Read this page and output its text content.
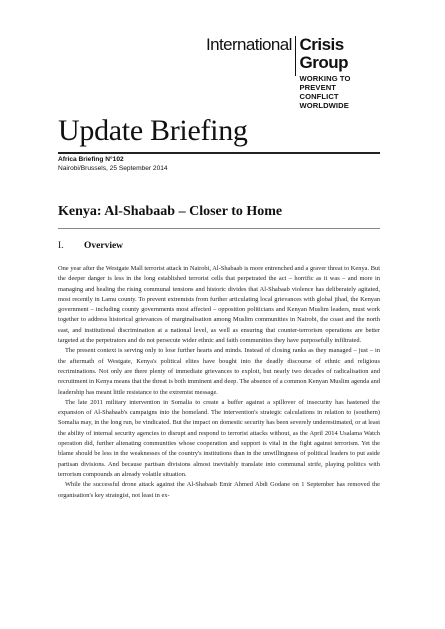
International Crisis Group
WORKING TO PREVENT
CONFLICT WORLDWIDE
Update Briefing
Africa Briefing N°102
Nairobi/Brussels, 25 September 2014
Kenya: Al-Shabaab – Closer to Home
I.	Overview

One year after the Westgate Mall terrorist attack in Nairobi, Al-Shabaab is more entrenched and a graver threat to Kenya. But the deeper danger is less in the long established terrorist cells that perpetrated the act – horrific as it was – and more in managing and healing the rising communal tensions and historic divides that Al-Shabaab violence has deliberately agitated, most recently in Lamu county. To prevent extremists from further articulating local grievances with global jihad, the Kenyan government – including county governments most affected – opposition politicians and Kenyan Muslim leaders, must work together to address historical grievances of marginalisation among Muslim communities in Nairobi, the coast and the north east, and institutional discrimination at a national level, as well as ensuring that counter-terrorism operations are better targeted at the perpetrators and do not persecute wider ethnic and faith communities they have purposefully infiltrated.

The present context is serving only to lose further hearts and minds. Instead of closing ranks as they managed – just – in the aftermath of Westgate, Kenya's political elites have bought into the deadly discourse of ethnic and religious recriminations. Not only are there plenty of immediate grievances to exploit, but nearly two decades of radicalisation and recruitment in Kenya means that the threat is both imminent and deep. The absence of a common Kenyan Muslim agenda and leadership has meant little resistance to the extremist message.

The late 2011 military intervention in Somalia to create a buffer against a spillover of insecurity has hastened the expansion of Al-Shabaab's campaigns into the homeland. The intervention's strategic calculations in relation to (southern) Somalia may, in the long run, be vindicated. But the impact on domestic security has been severely underestimated, or at least the ability of internal security agencies to disrupt and respond to terrorist attacks without, as the April 2014 Usalama Watch operation did, further alienating communities whose cooperation and support is vital in the fight against terrorism. Yet the blame should be less in the weaknesses of the country's institutions than in the unwillingness of political leaders to put aside partisan divisions. And because partisan divisions almost inevitably translate into communal strife, playing politics with terrorism compounds an already volatile situation.

While the successful drone attack against the Al-Shabaab Emir Ahmed Abdi Godane on 1 September has removed the organisation's key strategist, not least in ex-
